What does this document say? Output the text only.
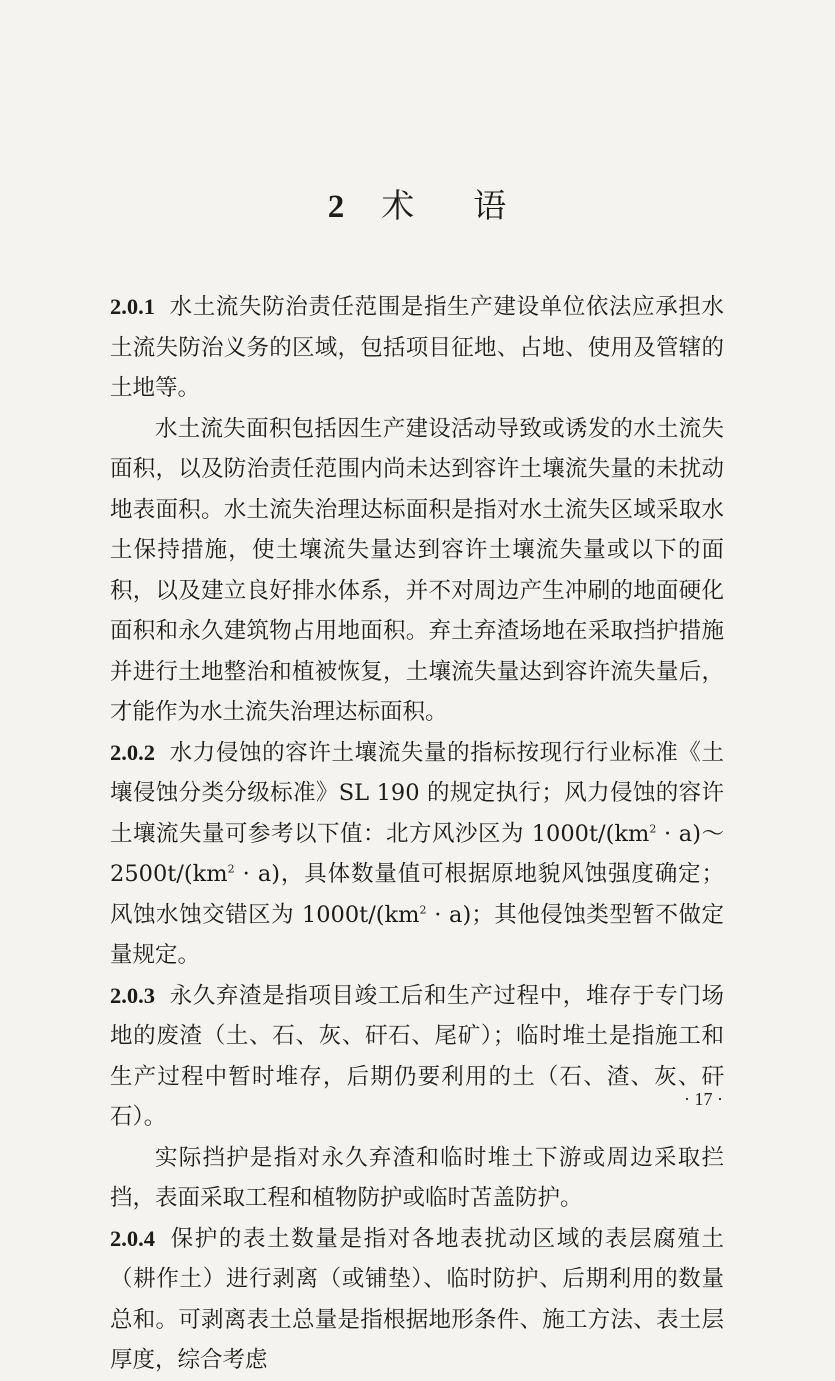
2 术 语

2.0.1 水土流失防治责任范围是指生产建设单位依法应承担水土流失防治义务的区域，包括项目征地、占地、使用及管辖的土地等。

水土流失面积包括因生产建设活动导致或诱发的水土流失面积，以及防治责任范围内尚未达到容许土壤流失量的未扰动地表面积。水土流失治理达标面积是指对水土流失区域采取水土保持措施，使土壤流失量达到容许土壤流失量或以下的面积，以及建立良好排水体系，并不对周边产生冲刷的地面硬化面积和永久建筑物占用地面积。弃土弃渣场地在采取挡护措施并进行土地整治和植被恢复，土壤流失量达到容许流失量后，才能作为水土流失治理达标面积。

2.0.2 水力侵蚀的容许土壤流失量的指标按现行行业标准《土壤侵蚀分类分级标准》SL 190 的规定执行；风力侵蚀的容许土壤流失量可参考以下值：北方风沙区为 $1000t/(km^2$ · $a)\sim 2500t/(km^2 \cdot a)$，具体数量值可根据原地貌风蚀强度确定；风蚀水蚀交错区为 $1000t/(km^2 \cdot a)$；其他侵蚀类型暂不做定量规定。

2.0.3 永久弃渣是指项目竣工后和生产过程中，堆存于专门场地的废渣（土、石、灰、矸石、尾矿）；临时堆土是指施工和生产过程中暂时堆存，后期仍要利用的土（石、渣、灰、矸石）。

实际挡护是指对永久弃渣和临时堆土下游或周边采取拦挡，表面采取工程和植物防护或临时苫盖防护。

2.0.4 保护的表土数量是指对各地表扰动区域的表层腐殖土（耕作土）进行剥离（或铺垫）、临时防护、后期利用的数量总和。可剥离表土总量是指根据地形条件、施工方法、表土层厚度，综合考虑

· 17 ·
